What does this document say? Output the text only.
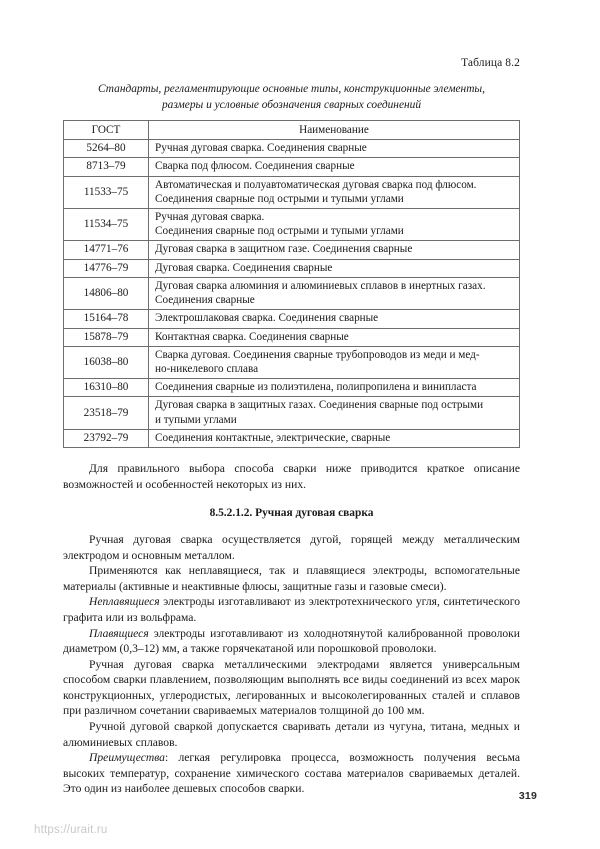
Таблица 8.2
Стандарты, регламентирующие основные типы, конструкционные элементы,
размеры и условные обозначения сварных соединений
ГОСТ	Наименование
5264–80	Ручная дуговая сварка. Соединения сварные

8713–79	Сварка под флюсом. Соединения сварные

11533–75	Автоматическая и полуавтоматическая дуговая сварка под флюсом.
Соединения сварные под острыми и тупыми углами

11534–75	Ручная дуговая сварка.
Соединения сварные под острыми и тупыми углами

14771–76	Дуговая сварка в защитном газе. Соединения сварные

14776–79	Дуговая сварка. Соединения сварные

14806–80	Дуговая сварка алюминия и алюминиевых сплавов в инертных газах.
Соединения сварные

15164–78	Электрошлаковая сварка. Соединения сварные

15878–79	Контактная сварка. Соединения сварные

16038–80	Сварка дуговая. Соединения сварные трубопроводов из меди и мед-
но-никелевого сплава

16310–80	Соединения сварные из полиэтилена, полипропилена и винипласта

23518–79	Дуговая сварка в защитных газах. Соединения сварные под острыми
и тупыми углами

23792–79	Соединения контактные, электрические, сварные

Для правильного выбора способа сварки ниже приводится краткое описание возможностей и особенностей некоторых из них.

8.5.2.1.2. Ручная дуговая сварка

Ручная дуговая сварка осуществляется дугой, горящей между металлическим электродом и основным металлом.

Применяются как неплавящиеся, так и плавящиеся электроды, вспомогательные материалы (активные и неактивные флюсы, защитные газы и газовые смеси).

Неплавящиеся электроды изготавливают из электротехнического угля, синтетического графита или из вольфрама.

Плавящиеся электроды изготавливают из холоднотянутой калиброванной проволоки диаметром (0,3–12) мм, а также горячекатаной или порошковой проволоки.

Ручная дуговая сварка металлическими электродами является универсальным способом сварки плавлением, позволяющим выполнять все виды соединений из всех марок конструкционных, углеродистых, легированных и высоколегированных сталей и сплавов при различном сочетании свариваемых материалов толщиной до 100 мм.

Ручной дуговой сваркой допускается сваривать детали из чугуна, титана, медных и алюминиевых сплавов.

Преимущества: легкая регулировка процесса, возможность получения весьма высоких температур, сохранение химического состава материалов свариваемых деталей. Это один из наиболее дешевых способов сварки.

319
https://urait.ru
